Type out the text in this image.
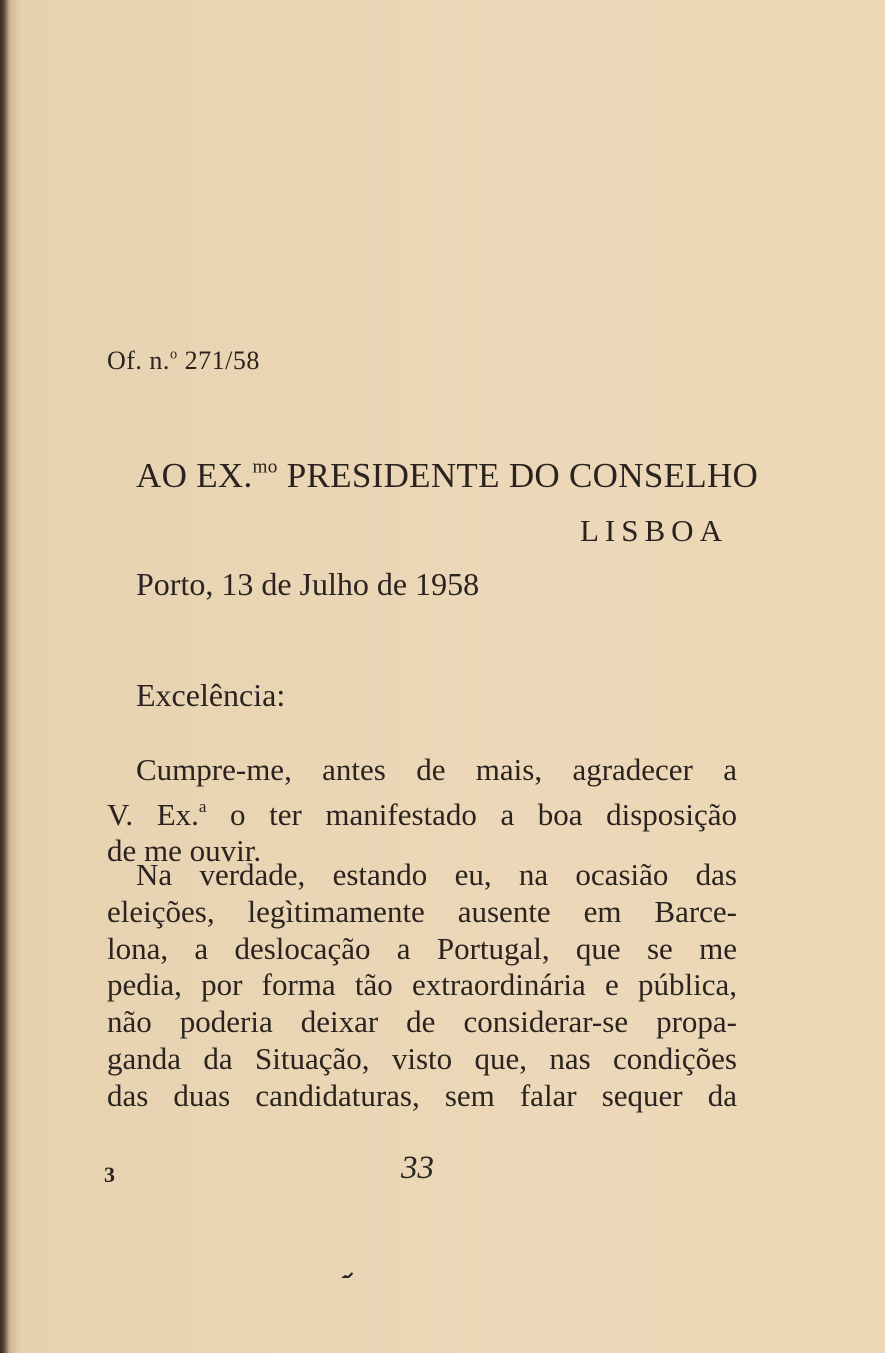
Of. n.$^o$ 271/58
AO EX.$^{mo}$ PRESIDENTE DO CONSELHO
LISBOA
Porto, 13 de Julho de 1958
Excelência:
Cumpre-me, antes de mais, agradecer a
V. Ex.$^a$ o ter manifestado a boa disposição
de me ouvir.
Na verdade, estando eu, na ocasião das
eleições, legìtimamente ausente em Barce-
lona, a deslocação a Portugal, que se me
pedia, por forma tão extraordinária e pública,
não poderia deixar de considerar-se propa-
ganda da Situação, visto que, nas condições
das duas candidaturas, sem falar sequer da
3	33
